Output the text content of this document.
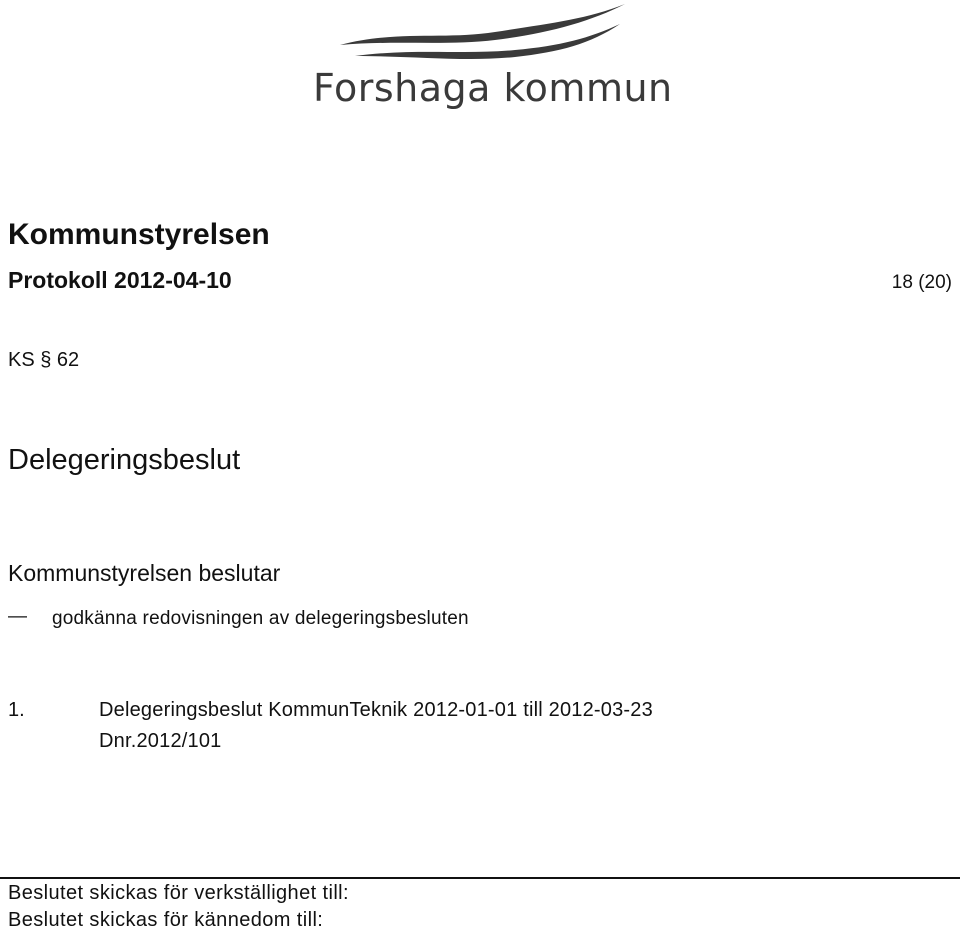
Forshaga kommun
Kommunstyrelsen
Protokoll 2012-04-10	18 (20)
KS § 62
Delegeringsbeslut
Kommunstyrelsen beslutar
— godkänna redovisningen av delegeringsbesluten
1.	Delegeringsbeslut KommunTeknik 2012-01-01 till 2012-03-23
Dnr.2012/101
Beslutet skickas för verkställighet till:
Beslutet skickas för kännedom till:
